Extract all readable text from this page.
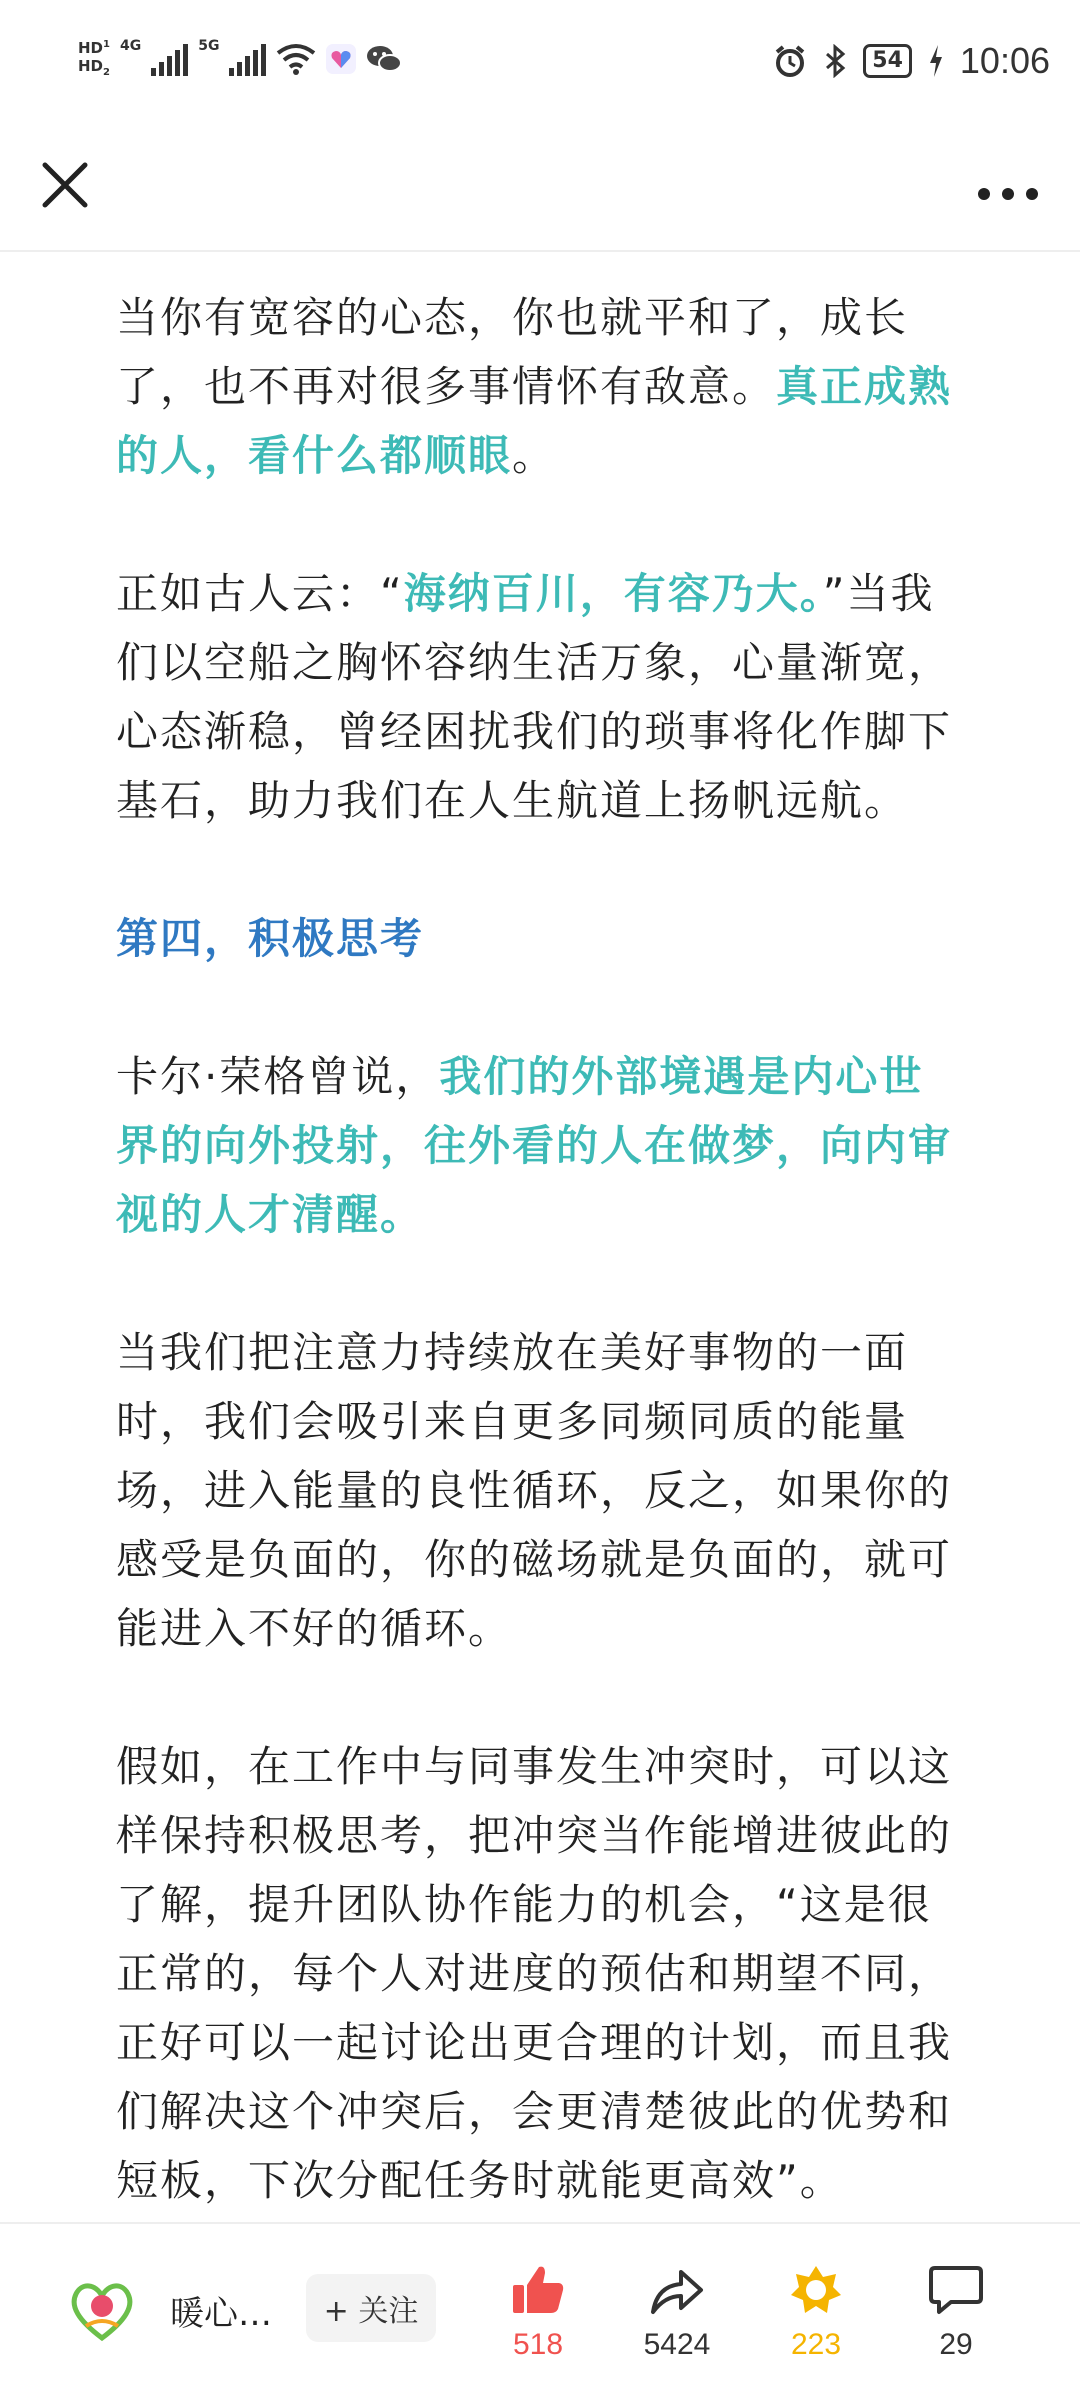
$HD^1$
$HD_2$
4G	5G
54 10:06

当你有宽容的心态，你也就平和了，成长了，也不再对很多事情怀有敌意。真正成熟的人，看什么都顺眼。

正如古人云：“海纳百川，有容乃大。”当我们以空船之胸怀容纳生活万象，心量渐宽，心态渐稳，曾经困扰我们的琐事将化作脚下基石，助力我们在人生航道上扬帆远航。

第四，积极思考

卡尔·荣格曾说，我们的外部境遇是内心世界的向外投射，往外看的人在做梦，向内审视的人才清醒。

当我们把注意力持续放在美好事物的一面时，我们会吸引来自更多同频同质的能量场，进入能量的良性循环，反之，如果你的感受是负面的，你的磁场就是负面的，就可能进入不好的循环。

假如，在工作中与同事发生冲突时，可以这样保持积极思考，把冲突当作能增进彼此的了解，提升团队协作能力的机会，“这是很正常的，每个人对进度的预估和期望不同，正好可以一起讨论出更合理的计划，而且我们解决这个冲突后，会更清楚彼此的优势和短板，下次分配任务时就能更高效”。

暖心…	+ 关注
518	5424	223	29
